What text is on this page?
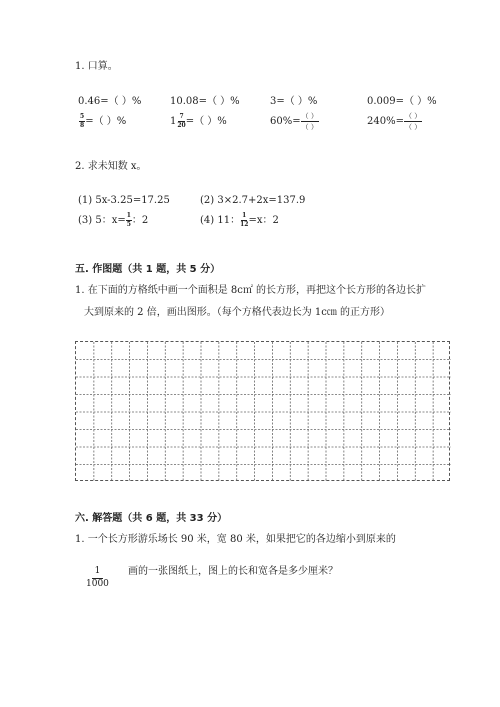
1. 口算。
0.46=（ ）%	10.08=（ ）%	3=（ ）%	0.009=（ ）%
$\frac{5}{8}$ =（ ）%	$1 \frac{7}{20}$ =（ ）%	$60\%= \frac{( )}{( )}$	$240\%= \frac{( )}{( )}$
2. 求未知数 x。
(1) 5x-3.25=17.25	(2) 3×2.7+2x=137.9
(3) 5：$x= \frac{1}{5}$ ：2	(4) 11： $\frac{1}{12} =x$：2
五. 作图题（共 1 题，共 5 分）
1. 在下面的方格纸中画一个面积是 8c㎡ 的长方形，再把这个长方形的各边长扩
大到原来的 2 倍，画出图形。（每个方格代表边长为 1c㎝ 的正方形）
六. 解答题（共 6 题，共 33 分）
1. 一个长方形游乐场长 90 米，宽 80 米，如果把它的各边缩小到原来的
$\frac{1}{1000}$ 画的一张图纸上，图上的长和宽各是多少厘米？
